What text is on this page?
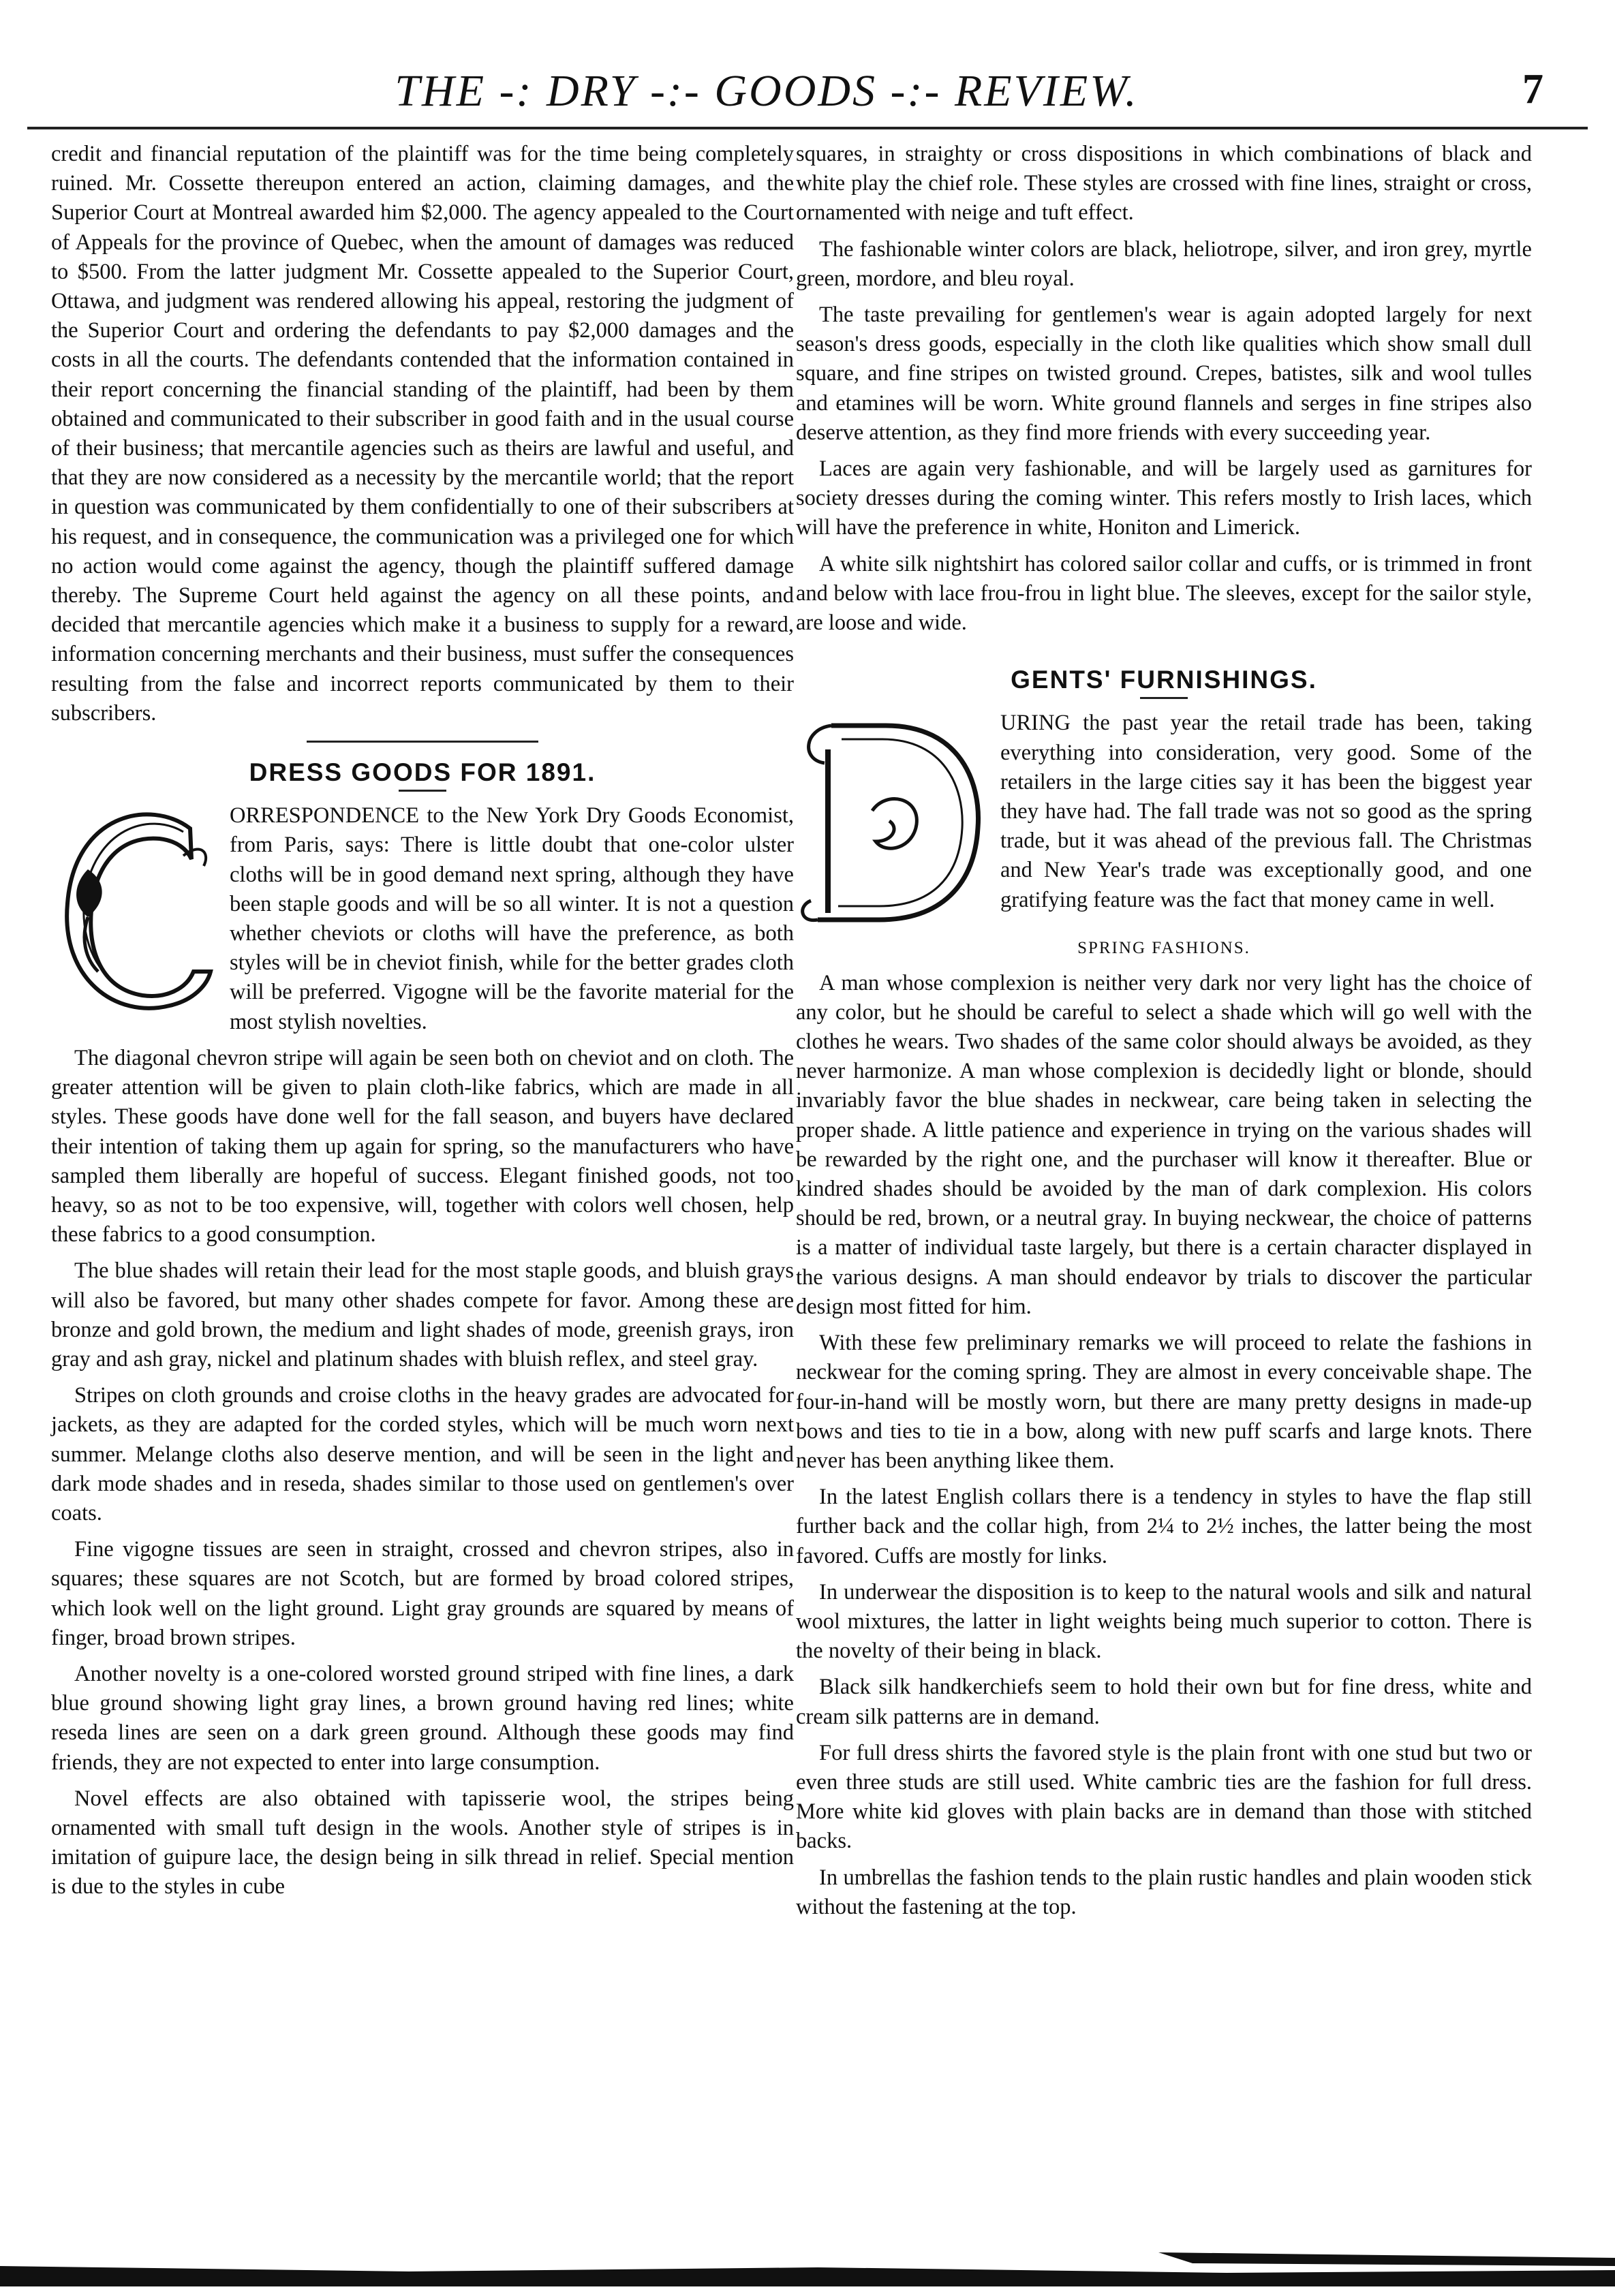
THE -: DRY -:- GOODS -:- REVIEW.	7

credit and financial reputation of the plaintiff was for the time being completely ruined. Mr. Cossette thereupon entered an action, claiming damages, and the Superior Court at Montreal awarded him $2,000. The agency appealed to the Court of Appeals for the province of Quebec, when the amount of damages was reduced to $500. From the latter judgment Mr. Cossette appealed to the Superior Court, Ottawa, and judgment was rendered allowing his appeal, restoring the judgment of the Superior Court and ordering the defendants to pay $2,000 damages and the costs in all the courts. The defendants contended that the information contained in their report concerning the financial standing of the plaintiff, had been by them obtained and communicated to their subscriber in good faith and in the usual course of their business; that mercantile agencies such as theirs are lawful and useful, and that they are now considered as a necessity by the mercantile world; that the report in question was communicated by them confidentially to one of their subscribers at his request, and in consequence, the communication was a privileged one for which no action would come against the agency, though the plaintiff suffered damage thereby. The Supreme Court held against the agency on all these points, and decided that mercantile agencies which make it a business to supply for a reward, information concerning merchants and their business, must suffer the consequences resulting from the false and incorrect reports communicated by them to their subscribers.

DRESS GOODS FOR 1891.

ORRESPONDENCE to the New York Dry Goods Economist, from Paris, says: There is little doubt that one-color ulster cloths will be in good demand next spring, although they have been staple goods and will be so all winter. It is not a question whether cheviots or cloths will have the preference, as both styles will be in cheviot finish, while for the better grades cloth will be preferred. Vigogne will be the favorite material for the most stylish novelties.

The diagonal chevron stripe will again be seen both on cheviot and on cloth. The greater attention will be given to plain cloth-like fabrics, which are made in all styles. These goods have done well for the fall season, and buyers have declared their intention of taking them up again for spring, so the manufacturers who have sampled them liberally are hopeful of success. Elegant finished goods, not too heavy, so as not to be too expensive, will, together with colors well chosen, help these fabrics to a good consumption.

The blue shades will retain their lead for the most staple goods, and bluish grays will also be favored, but many other shades compete for favor. Among these are bronze and gold brown, the medium and light shades of mode, greenish grays, iron gray and ash gray, nickel and platinum shades with bluish reflex, and steel gray.

Stripes on cloth grounds and croise cloths in the heavy grades are advocated for jackets, as they are adapted for the corded styles, which will be much worn next summer. Melange cloths also deserve mention, and will be seen in the light and dark mode shades and in reseda, shades similar to those used on gentlemen's over coats.

Fine vigogne tissues are seen in straight, crossed and chevron stripes, also in squares; these squares are not Scotch, but are formed by broad colored stripes, which look well on the light ground. Light gray grounds are squared by means of finger, broad brown stripes.

Another novelty is a one-colored worsted ground striped with fine lines, a dark blue ground showing light gray lines, a brown ground having red lines; white reseda lines are seen on a dark green ground. Although these goods may find friends, they are not expected to enter into large consumption.

Novel effects are also obtained with tapisserie wool, the stripes being ornamented with small tuft design in the wools. Another style of stripes is in imitation of guipure lace, the design being in silk thread in relief. Special mention is due to the styles in cube

squares, in straighty or cross dispositions in which combinations of black and white play the chief role. These styles are crossed with fine lines, straight or cross, ornamented with neige and tuft effect.

The fashionable winter colors are black, heliotrope, silver, and iron grey, myrtle green, mordore, and bleu royal.

The taste prevailing for gentlemen's wear is again adopted largely for next season's dress goods, especially in the cloth like qualities which show small dull square, and fine stripes on twisted ground. Crepes, batistes, silk and wool tulles and etamines will be worn. White ground flannels and serges in fine stripes also deserve attention, as they find more friends with every succeeding year.

Laces are again very fashionable, and will be largely used as garnitures for society dresses during the coming winter. This refers mostly to Irish laces, which will have the preference in white, Honiton and Limerick.

A white silk nightshirt has colored sailor collar and cuffs, or is trimmed in front and below with lace frou-frou in light blue. The sleeves, except for the sailor style, are loose and wide.

GENTS' FURNISHINGS.

URING the past year the retail trade has been, taking everything into consideration, very good. Some of the retailers in the large cities say it has been the biggest year they have had. The fall trade was not so good as the spring trade, but it was ahead of the previous fall. The Christmas and New Year's trade was exceptionally good, and one gratifying feature was the fact that money came in well.

SPRING FASHIONS.

A man whose complexion is neither very dark nor very light has the choice of any color, but he should be careful to select a shade which will go well with the clothes he wears. Two shades of the same color should always be avoided, as they never harmonize. A man whose complexion is decidedly light or blonde, should invariably favor the blue shades in neckwear, care being taken in selecting the proper shade. A little patience and experience in trying on the various shades will be rewarded by the right one, and the purchaser will know it thereafter. Blue or kindred shades should be avoided by the man of dark complexion. His colors should be red, brown, or a neutral gray. In buying neckwear, the choice of patterns is a matter of individual taste largely, but there is a certain character displayed in the various designs. A man should endeavor by trials to discover the particular design most fitted for him.

With these few preliminary remarks we will proceed to relate the fashions in neckwear for the coming spring. They are almost in every conceivable shape. The four-in-hand will be mostly worn, but there are many pretty designs in made-up bows and ties to tie in a bow, along with new puff scarfs and large knots. There never has been anything likee them.

In the latest English collars there is a tendency in styles to have the flap still further back and the collar high, from 2¼ to 2½ inches, the latter being the most favored. Cuffs are mostly for links.

In underwear the disposition is to keep to the natural wools and silk and natural wool mixtures, the latter in light weights being much superior to cotton. There is the novelty of their being in black.

Black silk handkerchiefs seem to hold their own but for fine dress, white and cream silk patterns are in demand.

For full dress shirts the favored style is the plain front with one stud but two or even three studs are still used. White cambric ties are the fashion for full dress. More white kid gloves with plain backs are in demand than those with stitched backs.

In umbrellas the fashion tends to the plain rustic handles and plain wooden stick without the fastening at the top.
